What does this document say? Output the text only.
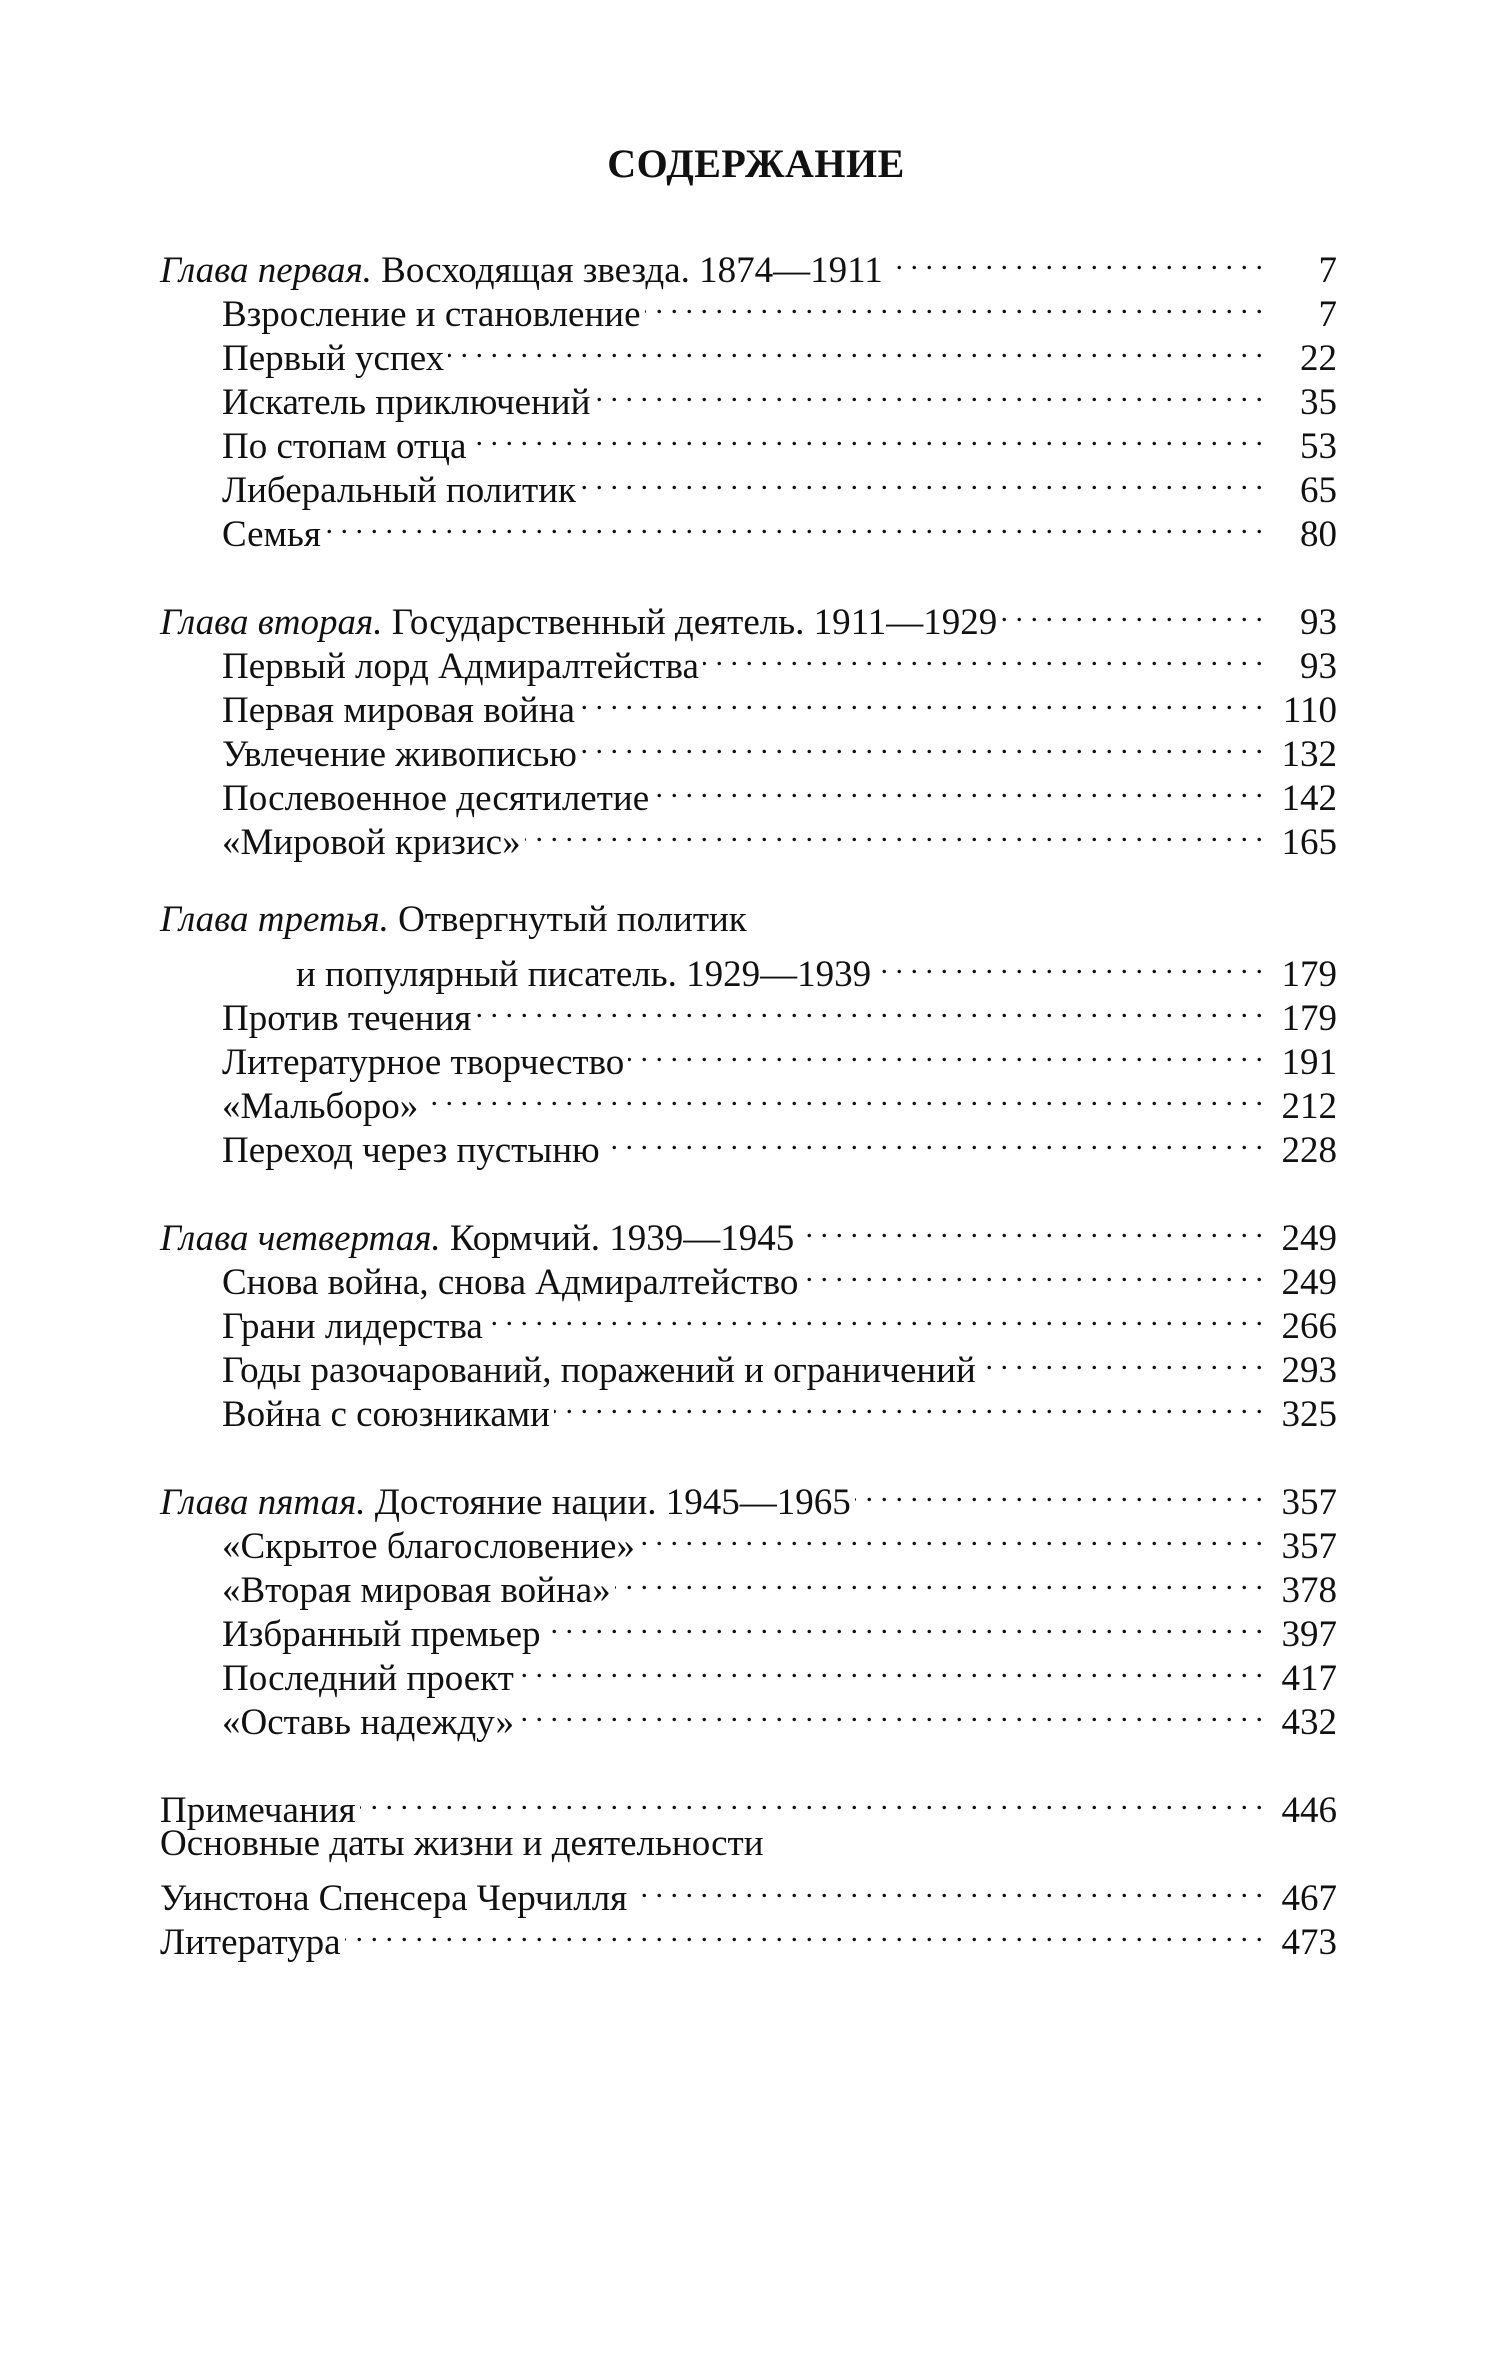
СОДЕРЖАНИЕ
Глава первая. Восходящая звезда. 1874—1911 . . .	7
Взросление и становление . . .	7
Первый успех . . .	22
Искатель приключений . . .	35
По стопам отца . . .	53
Либеральный политик . . .	65
Семья . . .	80
Глава вторая. Государственный деятель. 1911—1929 . . .	93
Первый лорд Адмиралтейства . . .	93
Первая мировая война . . .	110
Увлечение живописью . . .	132
Послевоенное десятилетие . . .	142
«Мировой кризис» . . .	165
Глава третья. Отвергнутый политик
и популярный писатель. 1929—1939 . . .	179
Против течения . . .	179
Литературное творчество . . .	191
«Мальборо» . . .	212
Переход через пустыню . . .	228
Глава четвертая. Кормчий. 1939—1945 . . .	249
Снова война, снова Адмиралтейство . . .	249
Грани лидерства . . .	266
Годы разочарований, поражений и ограничений . . .	293
Война с союзниками . . .	325
Глава пятая. Достояние нации. 1945—1965 . . .	357
«Скрытое благословение» . . .	357
«Вторая мировая война» . . .	378
Избранный премьер . . .	397
Последний проект . . .	417
«Оставь надежду» . . .	432
Примечания . . .	446
Основные даты жизни и деятельности
Уинстона Спенсера Черчилля . . .	467
Литература . . .	473
